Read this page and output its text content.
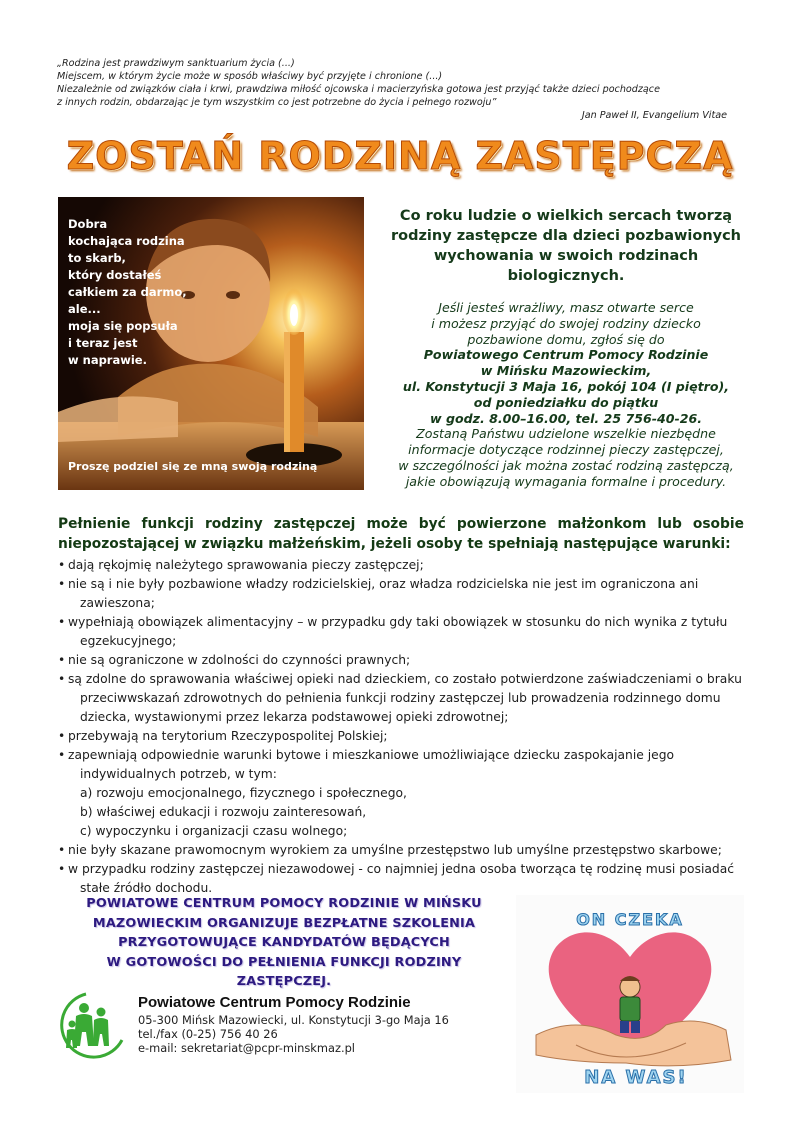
„Rodzina jest prawdziwym sanktuarium życia (...)

Miejscem, w którym życie może w sposób właściwy być przyjęte i chronione (...)

Niezależnie od związków ciała i krwi, prawdziwa miłość ojcowska i macierzyńska gotowa jest przyjąć także dzieci pochodzące

z innych rodzin, obdarzając je tym wszystkim co jest potrzebne do życia i pełnego rozwoju”

Jan Paweł II, Evangelium Vitae

ZOSTAŃ RODZINĄ ZASTĘPCZĄ
Dobra
kochająca rodzina
to skarb,
który dostałeś
całkiem za darmo,
ale...
moja się popsuła
i teraz jest
w naprawie.
Proszę podziel się ze mną swoją rodziną

Co roku ludzie o wielkich sercach tworzą rodziny zastępcze dla dzieci pozbawionych wychowania w swoich rodzinach biologicznych.

Jeśli jesteś wrażliwy, masz otwarte serce
i możesz przyjąć do swojej rodziny dziecko
pozbawione domu, zgłoś się do
Powiatowego Centrum Pomocy Rodzinie
w Mińsku Mazowieckim,
ul. Konstytucji 3 Maja 16, pokój 104 (I piętro),
od poniedziałku do piątku
w godz. 8.00–16.00, tel. 25 756-40-26.
Zostaną Państwu udzielone wszelkie niezbędne
informacje dotyczące rodzinnej pieczy zastępczej,
w szczególności jak można zostać rodziną zastępczą,
jakie obowiązują wymagania formalne i procedury.

Pełnienie funkcji rodziny zastępczej może być powierzone małżonkom lub osobie niepozostającej w związku małżeńskim, jeżeli osoby te spełniają następujące warunki:

• dają rękojmię należytego sprawowania pieczy zastępczej;
• nie są i nie były pozbawione władzy rodzicielskiej, oraz władza rodzicielska nie jest im ograniczona ani
zawieszona;
• wypełniają obowiązek alimentacyjny – w przypadku gdy taki obowiązek w stosunku do nich wynika z tytułu
egzekucyjnego;
• nie są ograniczone w zdolności do czynności prawnych;
• są zdolne do sprawowania właściwej opieki nad dzieckiem, co zostało potwierdzone zaświadczeniami o braku
przeciwwskazań zdrowotnych do pełnienia funkcji rodziny zastępczej lub prowadzenia rodzinnego domu
dziecka, wystawionymi przez lekarza podstawowej opieki zdrowotnej;
• przebywają na terytorium Rzeczypospolitej Polskiej;
• zapewniają odpowiednie warunki bytowe i mieszkaniowe umożliwiające dziecku zaspokajanie jego
indywidualnych potrzeb, w tym:
a) rozwoju emocjonalnego, fizycznego i społecznego,
b) właściwej edukacji i rozwoju zainteresowań,
c) wypoczynku i organizacji czasu wolnego;
• nie były skazane prawomocnym wyrokiem za umyślne przestępstwo lub umyślne przestępstwo skarbowe;
• w przypadku rodziny zastępczej niezawodowej - co najmniej jedna osoba tworząca tę rodzinę musi posiadać
stałe źródło dochodu.
POWIATOWE CENTRUM POMOCY RODZINIE W MIŃSKU
MAZOWIECKIM ORGANIZUJE BEZPŁATNE SZKOLENIA
PRZYGOTOWUJĄCE KANDYDATÓW BĘDĄCYCH
W GOTOWOŚCI DO PEŁNIENIA FUNKCJI RODZINY ZASTĘPCZEJ.
Powiatowe Centrum Pomocy Rodzinie
05-300 Mińsk Mazowiecki, ul. Konstytucji 3-go Maja 16
tel./fax (0-25) 756 40 26
e-mail: sekretariat@pcpr-minskmaz.pl
ON CZEKA
NA WAS!
